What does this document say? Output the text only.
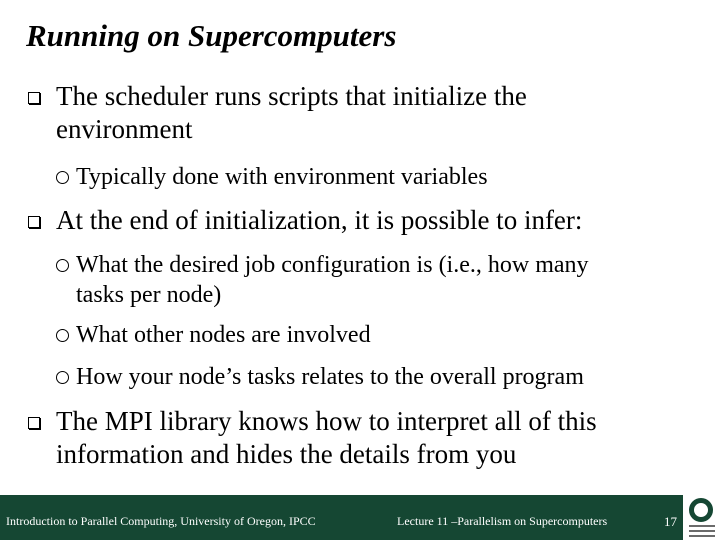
Running on Supercomputers
The scheduler runs scripts that initialize the
environment
Typically done with environment variables
At the end of initialization, it is possible to infer:
What the desired job configuration is (i.e., how many
tasks per node)
What other nodes are involved
How your node’s tasks relates to the overall program
The MPI library knows how to interpret all of this
information and hides the details from you
Introduction to Parallel Computing, University of Oregon, IPCC	Lecture 11 –Parallelism on Supercomputers	17
